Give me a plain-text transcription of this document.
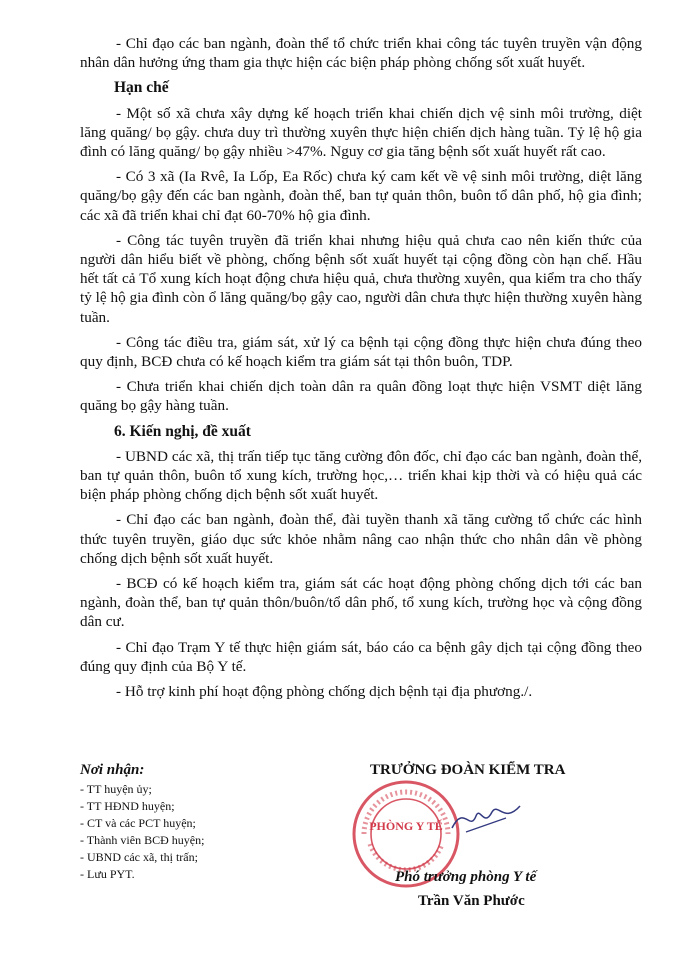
- Chỉ đạo các ban ngành, đoàn thể tổ chức triển khai công tác tuyên truyền vận động nhân dân hưởng ứng tham gia thực hiện các biện pháp phòng chống sốt xuất huyết.

Hạn chế

- Một số xã chưa xây dựng kế hoạch triển khai chiến dịch vệ sinh môi trường, diệt lăng quăng/ bọ gậy. chưa duy trì thường xuyên thực hiện chiến dịch hàng tuần. Tỷ lệ hộ gia đình có lăng quăng/ bọ gậy nhiều >47%. Nguy cơ gia tăng bệnh sốt xuất huyết rất cao.

- Có 3 xã (Ia Rvê, Ia Lốp, Ea Rốc) chưa ký cam kết về vệ sinh môi trường, diệt lăng quăng/bọ gậy đến các ban ngành, đoàn thể, ban tự quản thôn, buôn tổ dân phố, hộ gia đình; các xã đã triển khai chỉ đạt 60-70% hộ gia đình.

- Công tác tuyên truyền đã triển khai nhưng hiệu quả chưa cao nên kiến thức của người dân hiểu biết về phòng, chống bệnh sốt xuất huyết tại cộng đồng còn hạn chế. Hầu hết tất cả Tổ xung kích hoạt động chưa hiệu quả, chưa thường xuyên, qua kiểm tra cho thấy tỷ lệ hộ gia đình còn ổ lăng quăng/bọ gậy cao, người dân chưa thực hiện thường xuyên hàng tuần.

- Công tác điều tra, giám sát, xử lý ca bệnh tại cộng đồng thực hiện chưa đúng theo quy định, BCĐ chưa có kế hoạch kiểm tra giám sát tại thôn buôn, TDP.

- Chưa triển khai chiến dịch toàn dân ra quân đồng loạt thực hiện VSMT diệt lăng quăng bọ gậy hàng tuần.

6. Kiến nghị, đề xuất

- UBND các xã, thị trấn tiếp tục tăng cường đôn đốc, chỉ đạo các ban ngành, đoàn thể, ban tự quản thôn, buôn tổ xung kích, trường học,… triển khai kịp thời và có hiệu quả các biện pháp phòng chống dịch bệnh sốt xuất huyết.

- Chỉ đạo các ban ngành, đoàn thể, đài tuyền thanh xã tăng cường tổ chức các hình thức tuyên truyền, giáo dục sức khỏe nhằm nâng cao nhận thức cho nhân dân về phòng chống dịch bệnh sốt xuất huyết.

- BCĐ có kế hoạch kiểm tra, giám sát các hoạt động phòng chống dịch tới các ban ngành, đoàn thể, ban tự quản thôn/buôn/tổ dân phố, tổ xung kích, trường học và cộng đồng dân cư.

- Chỉ đạo Trạm Y tế thực hiện giám sát, báo cáo ca bệnh gây dịch tại cộng đồng theo đúng quy định của Bộ Y tế.

- Hỗ trợ kinh phí hoạt động phòng chống dịch bệnh tại địa phương./.

Nơi nhận:

- TT huyện ủy;

- TT HĐND huyện;

- CT và các PCT huyện;

- Thành viên BCĐ huyện;

- UBND các xã, thị trấn;

- Lưu PYT.

PHÒNG Y TẾ
TRƯỞNG ĐOÀN KIỂM TRA
Phó trưởng phòng Y tế
Trần Văn Phước
